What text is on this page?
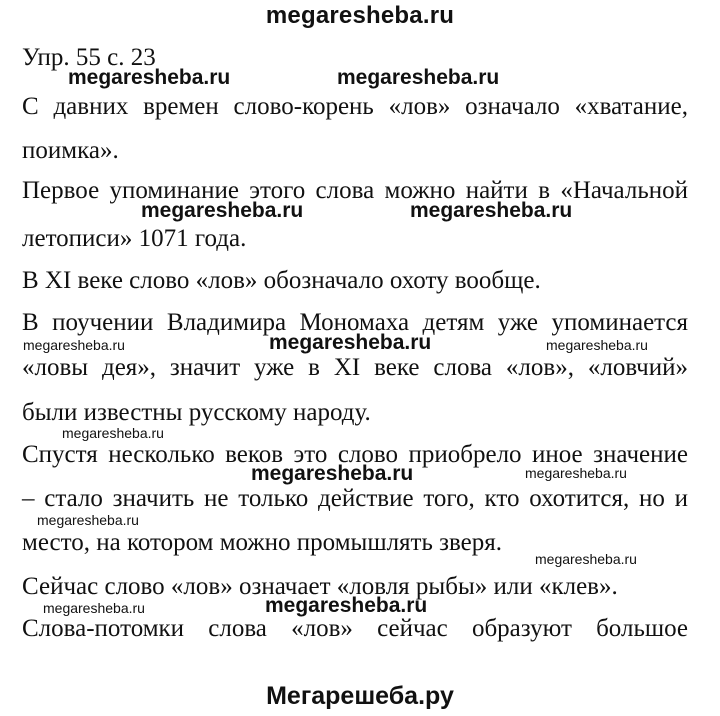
megaresheba.ru
Упр. 55 с. 23
С давних времен слово-корень «лов» означало «хватание,
поимка».
Первое упоминание этого слова можно найти в «Начальной
летописи» 1071 года.
В XI веке слово «лов» обозначало охоту вообще.
В поучении Владимира Мономаха детям уже упоминается
«ловы дея», значит уже в XI веке слова «лов», «ловчий»
были известны русскому народу.
Спустя несколько веков это слово приобрело иное значение
– стало значить не только действие того, кто охотится, но и
место, на котором можно промышлять зверя.
Сейчас слово «лов» означает «ловля рыбы» или «клев».
Слова-потомки слова «лов» сейчас образуют большое
megaresheba.ru	megaresheba.ru
megaresheba.ru	megaresheba.ru
megaresheba.ru	megaresheba.ru	megaresheba.ru
megaresheba.ru
megaresheba.ru	megaresheba.ru
megaresheba.ru
megaresheba.ru
megaresheba.ru	megaresheba.ru
Мегарешеба.ру
